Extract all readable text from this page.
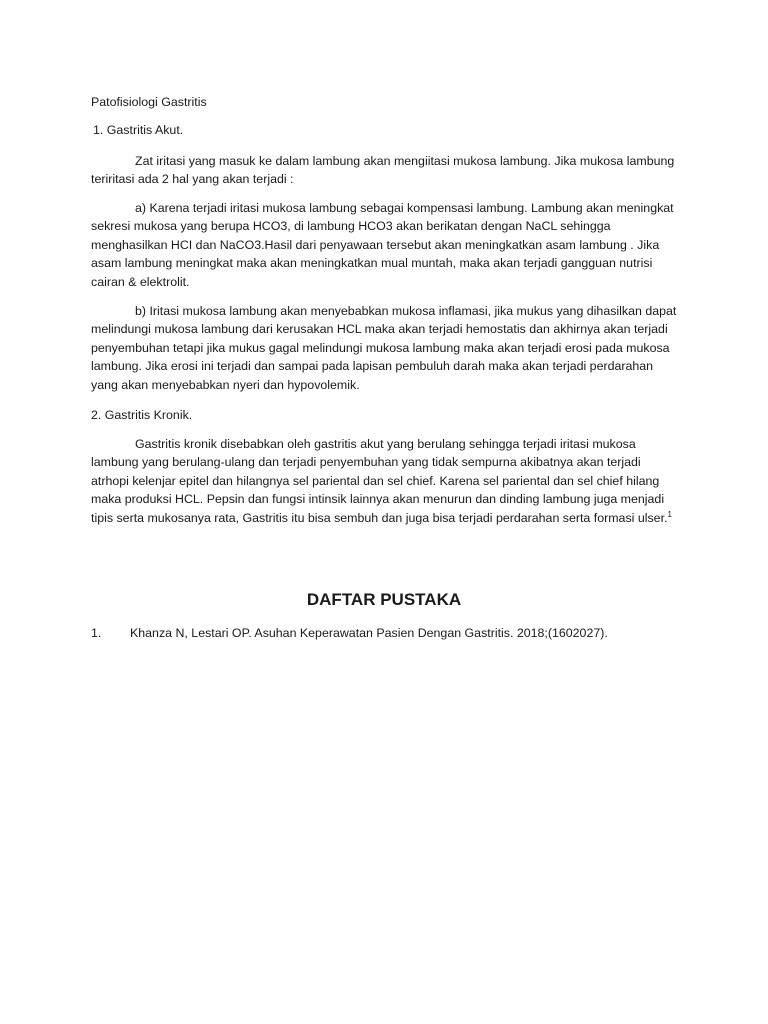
Patofisiologi Gastritis

1. Gastritis Akut.

Zat iritasi yang masuk ke dalam lambung akan mengiitasi mukosa lambung. Jika mukosa lambung teriritasi ada 2 hal yang akan terjadi :

a) Karena terjadi iritasi mukosa lambung sebagai kompensasi lambung. Lambung akan meningkat sekresi mukosa yang berupa HCO3, di lambung HCO3 akan berikatan dengan NaCL sehingga menghasilkan HCI dan NaCO3.Hasil dari penyawaan tersebut akan meningkatkan asam lambung . Jika asam lambung meningkat maka akan meningkatkan mual muntah, maka akan terjadi gangguan nutrisi cairan & elektrolit.

b) Iritasi mukosa lambung akan menyebabkan mukosa inflamasi, jika mukus yang dihasilkan dapat melindungi mukosa lambung dari kerusakan HCL maka akan terjadi hemostatis dan akhirnya akan terjadi penyembuhan tetapi jika mukus gagal melindungi mukosa lambung maka akan terjadi erosi pada mukosa lambung. Jika erosi ini terjadi dan sampai pada lapisan pembuluh darah maka akan terjadi perdarahan yang akan menyebabkan nyeri dan hypovolemik.

2. Gastritis Kronik.

Gastritis kronik disebabkan oleh gastritis akut yang berulang sehingga terjadi iritasi mukosa lambung yang berulang-ulang dan terjadi penyembuhan yang tidak sempurna akibatnya akan terjadi atrhopi kelenjar epitel dan hilangnya sel pariental dan sel chief. Karena sel pariental dan sel chief hilang maka produksi HCL. Pepsin dan fungsi intinsik lainnya akan menurun dan dinding lambung juga menjadi tipis serta mukosanya rata, Gastritis itu bisa sembuh dan juga bisa terjadi perdarahan serta formasi ulser.$^1$

DAFTAR PUSTAKA
1. Khanza N, Lestari OP. Asuhan Keperawatan Pasien Dengan Gastritis. 2018;(1602027).
